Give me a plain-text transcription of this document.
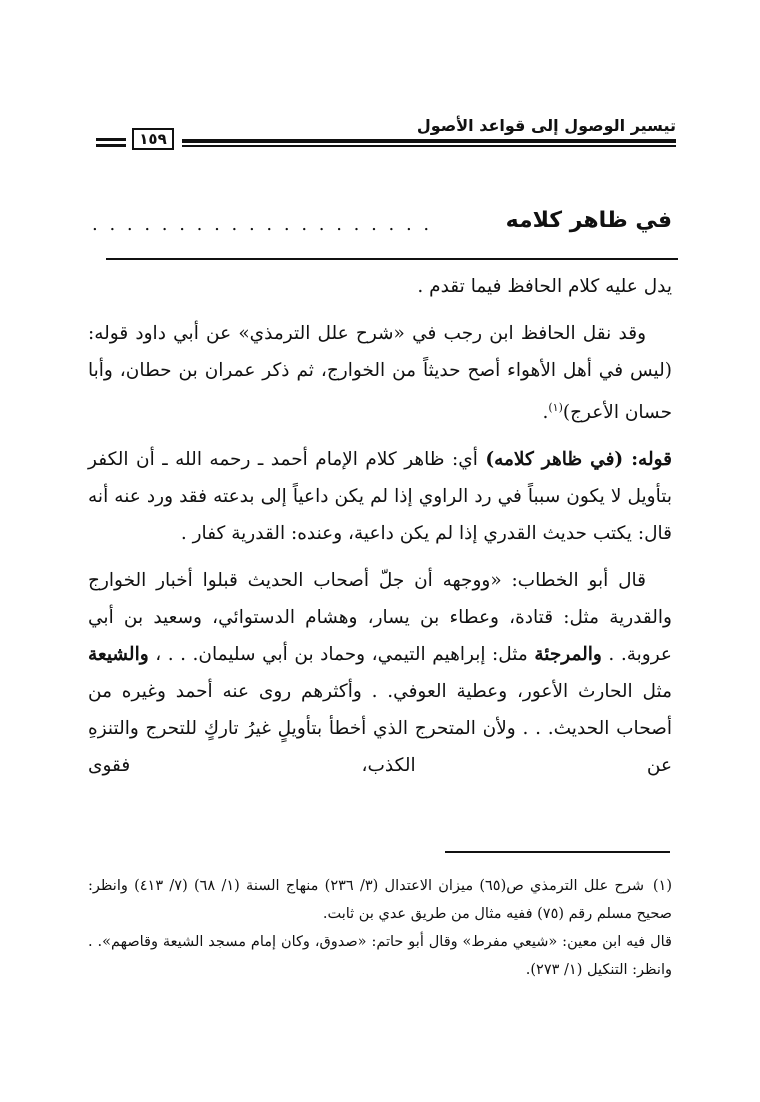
تيسير الوصول إلى قواعد الأصول
١٥٩
في ظاهر كلامه
. . . . . . . . . . . . . . . . . . . .

يدل عليه كلام الحافظ فيما تقدم .

وقد نقل الحافظ ابن رجب في «شرح علل الترمذي» عن أبي داود قوله: (ليس في أهل الأهواء أصح حديثاً من الخوارج، ثم ذكر عمران بن حطان، وأبا حسان الأعرج)$^{(١)}$.

قوله: (في ظاهر كلامه) أي: ظاهر كلام الإمام أحمد ـ رحمه الله ـ أن الكفر بتأويل لا يكون سبباً في رد الراوي إذا لم يكن داعياً إلى بدعته فقد ورد عنه أنه قال: يكتب حديث القدري إذا لم يكن داعية، وعنده: القدرية كفار .

قال أبو الخطاب: «ووجهه أن جلّ أصحاب الحديث قبلوا أخبار الخوارج والقدرية مثل: قتادة، وعطاء بن يسار، وهشام الدستوائي، وسعيد بن أبي عروبة. . والمرجئة مثل: إبراهيم التيمي، وحماد بن أبي سليمان. . . ، والشيعة مثل الحارث الأعور، وعطية العوفي. . وأكثرهم روى عنه أحمد وغيره من أصحاب الحديث. . . ولأن المتحرج الذي أخطأ بتأويلٍ غيرُ تاركٍ للتحرج والتنزهِ عن الكذب، فقوى

(١)شرح علل الترمذي ص(٦٥) ميزان الاعتدال (٣/ ٢٣٦) منهاج السنة (١/ ٦٨) (٧/ ٤١٣) وانظر: صحيح مسلم رقم (٧٥) ففيه مثال من طريق عدي بن ثابت.

قال فيه ابن معين: «شيعي مفرط» وقال أبو حاتم: «صدوق، وكان إمام مسجد الشيعة وقاصهم». . وانظر: التنكيل (١/ ٢٧٣).
